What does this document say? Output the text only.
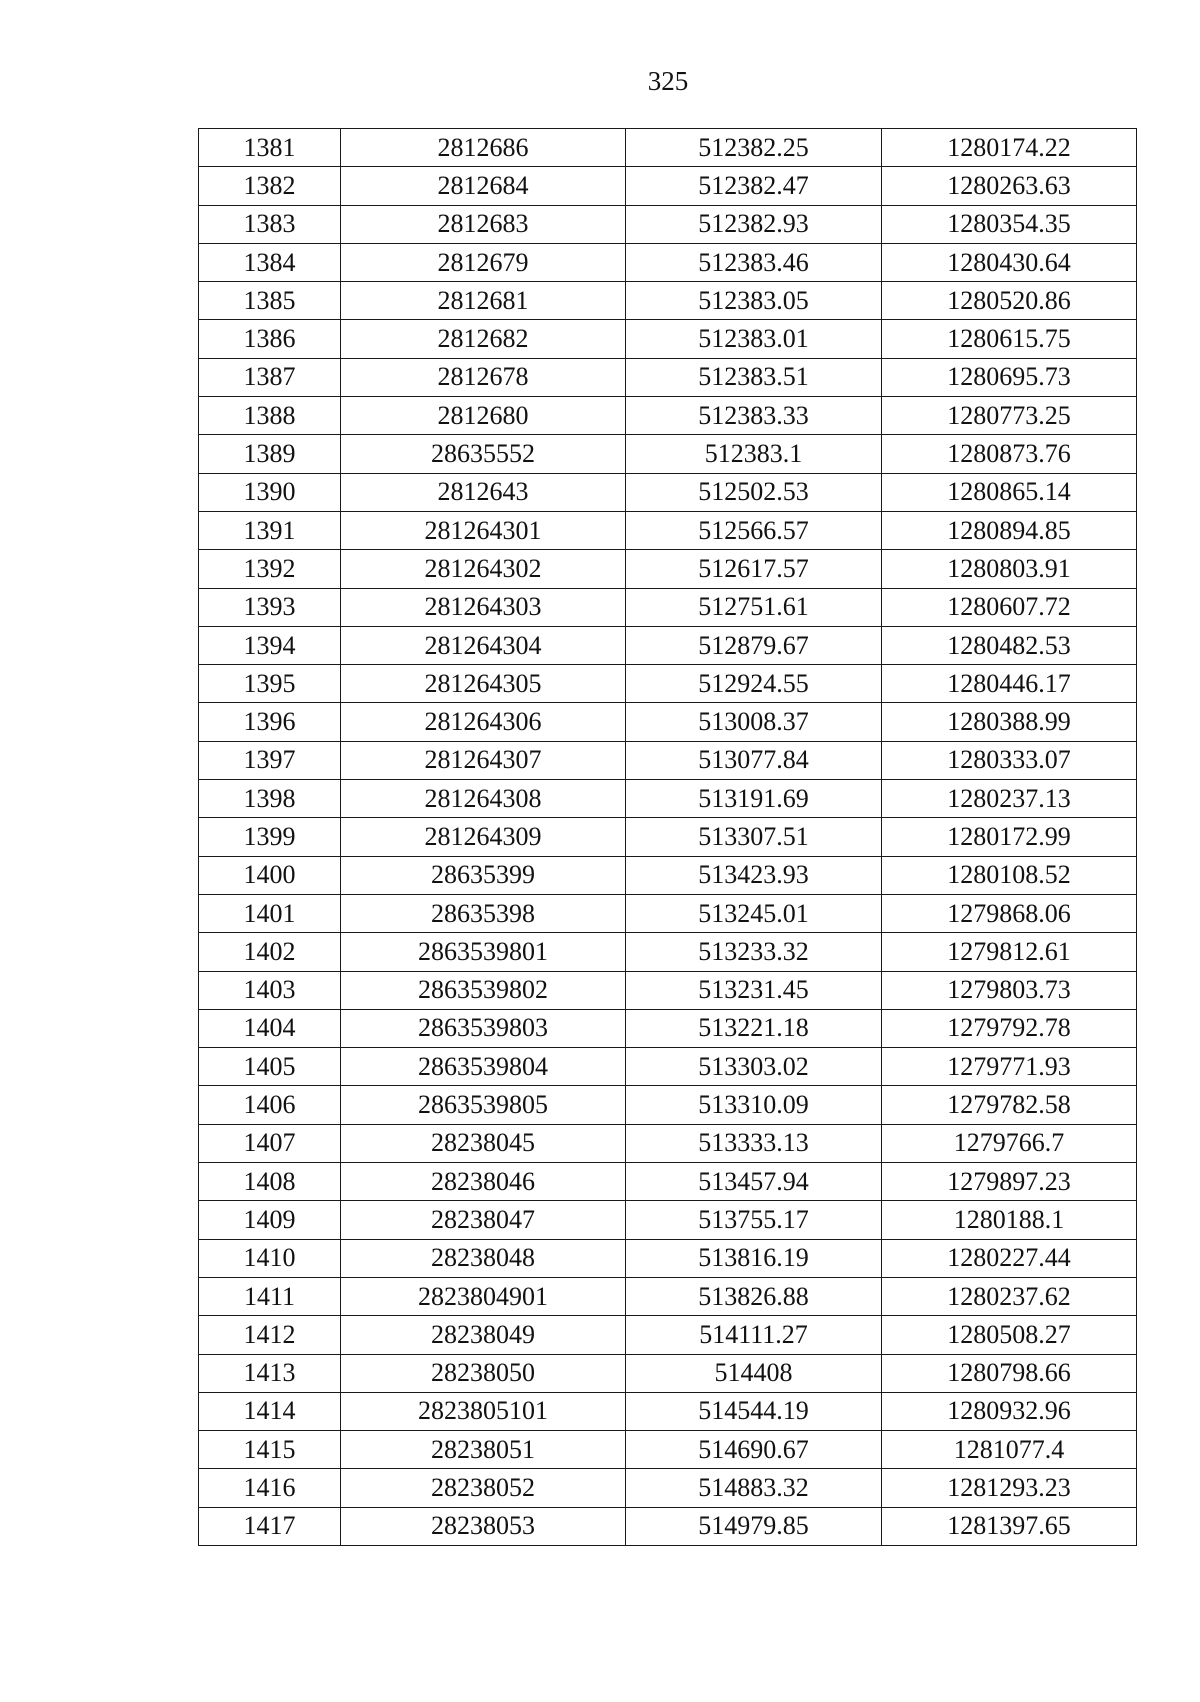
325
1381	2812686	512382.25	1280174.22
1382	2812684	512382.47	1280263.63
1383	2812683	512382.93	1280354.35
1384	2812679	512383.46	1280430.64
1385	2812681	512383.05	1280520.86
1386	2812682	512383.01	1280615.75
1387	2812678	512383.51	1280695.73
1388	2812680	512383.33	1280773.25
1389	28635552	512383.1	1280873.76
1390	2812643	512502.53	1280865.14
1391	281264301	512566.57	1280894.85
1392	281264302	512617.57	1280803.91
1393	281264303	512751.61	1280607.72
1394	281264304	512879.67	1280482.53
1395	281264305	512924.55	1280446.17
1396	281264306	513008.37	1280388.99
1397	281264307	513077.84	1280333.07
1398	281264308	513191.69	1280237.13
1399	281264309	513307.51	1280172.99
1400	28635399	513423.93	1280108.52
1401	28635398	513245.01	1279868.06
1402	2863539801	513233.32	1279812.61
1403	2863539802	513231.45	1279803.73
1404	2863539803	513221.18	1279792.78
1405	2863539804	513303.02	1279771.93
1406	2863539805	513310.09	1279782.58
1407	28238045	513333.13	1279766.7
1408	28238046	513457.94	1279897.23
1409	28238047	513755.17	1280188.1
1410	28238048	513816.19	1280227.44
1411	2823804901	513826.88	1280237.62
1412	28238049	514111.27	1280508.27
1413	28238050	514408	1280798.66
1414	2823805101	514544.19	1280932.96
1415	28238051	514690.67	1281077.4
1416	28238052	514883.32	1281293.23
1417	28238053	514979.85	1281397.65
